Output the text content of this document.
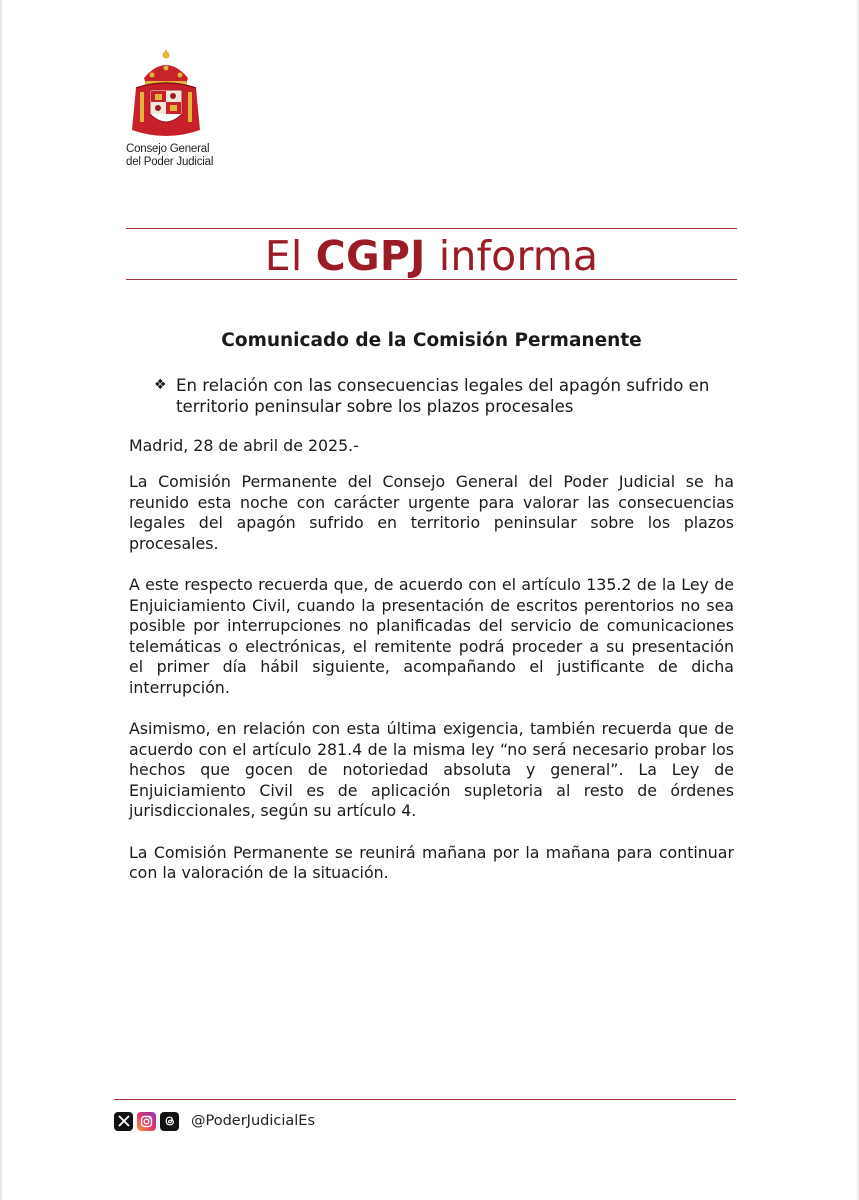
Consejo General
del Poder Judicial
El CGPJ informa
Comunicado de la Comisión Permanente
❖ En relación con las consecuencias legales del apagón sufrido en territorio peninsular sobre los plazos procesales
Madrid, 28 de abril de 2025.-

La Comisión Permanente del Consejo General del Poder Judicial se ha reunido esta noche con carácter urgente para valorar las consecuencias legales del apagón sufrido en territorio peninsular sobre los plazos procesales.

A este respecto recuerda que, de acuerdo con el artículo 135.2 de la Ley de Enjuiciamiento Civil, cuando la presentación de escritos perentorios no sea posible por interrupciones no planificadas del servicio de comunicaciones telemáticas o electrónicas, el remitente podrá proceder a su presentación el primer día hábil siguiente, acompañando el justificante de dicha interrupción.

Asimismo, en relación con esta última exigencia, también recuerda que de acuerdo con el artículo 281.4 de la misma ley “no será necesario probar los hechos que gocen de notoriedad absoluta y general”. La Ley de Enjuiciamiento Civil es de aplicación supletoria al resto de órdenes jurisdiccionales, según su artículo 4.

La Comisión Permanente se reunirá mañana por la mañana para continuar con la valoración de la situación.

@PoderJudicialEs
